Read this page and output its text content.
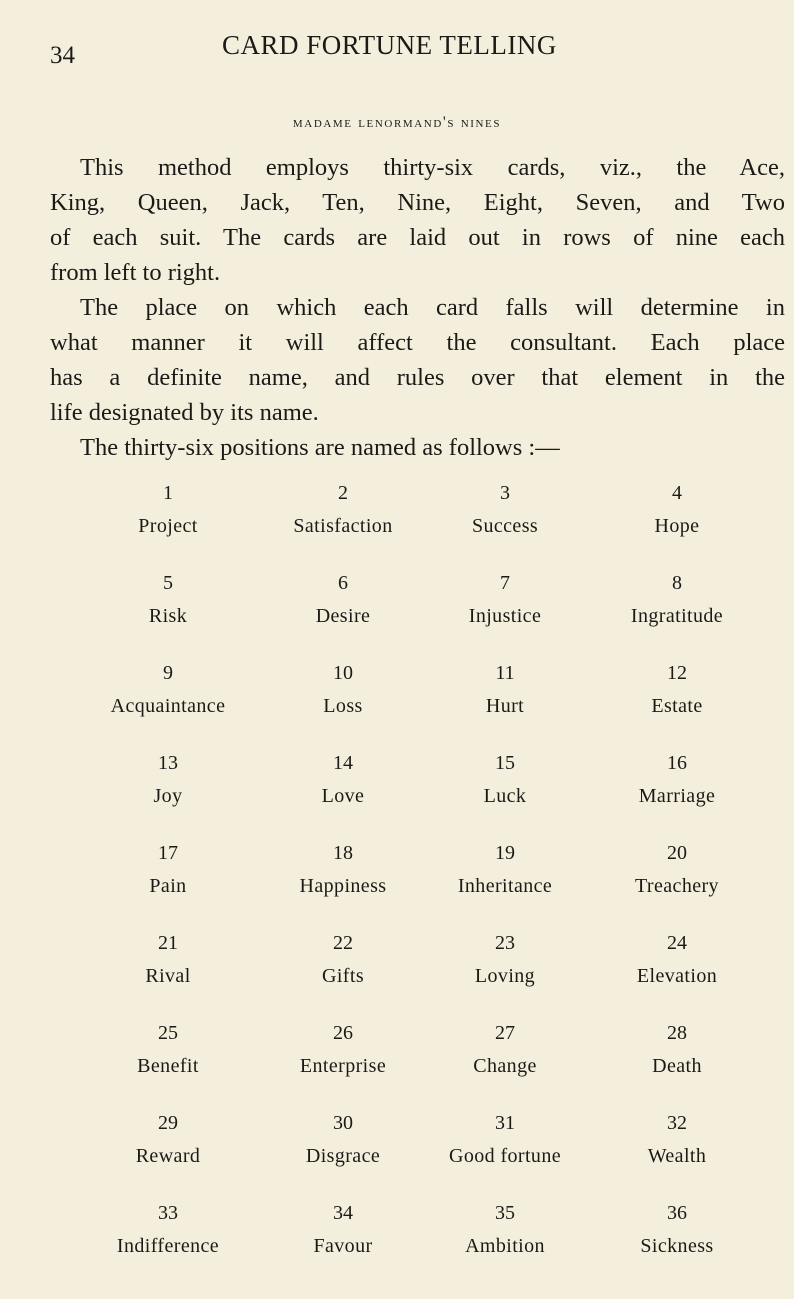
34	CARD FORTUNE TELLING
madame lenormand's nines
This method employs thirty-six cards, viz., the Ace,
King, Queen, Jack, Ten, Nine, Eight, Seven, and Two
of each suit. The cards are laid out in rows of nine each
from left to right.
The place on which each card falls will determine in
what manner it will affect the consultant. Each place
has a definite name, and rules over that element in the
life designated by its name.
The thirty-six positions are named as follows :—
1
Project
2
Satisfaction
3
Success
4
Hope
5
Risk
6
Desire
7
Injustice
8
Ingratitude
9
Acquaintance
10
Loss
11
Hurt
12
Estate
13
Joy
14
Love
15
Luck
16
Marriage
17
Pain
18
Happiness
19
Inheritance
20
Treachery
21
Rival
22
Gifts
23
Loving
24
Elevation
25
Benefit
26
Enterprise
27
Change
28
Death
29
Reward
30
Disgrace
31
Good fortune
32
Wealth
33
Indifference
34
Favour
35
Ambition
36
Sickness
